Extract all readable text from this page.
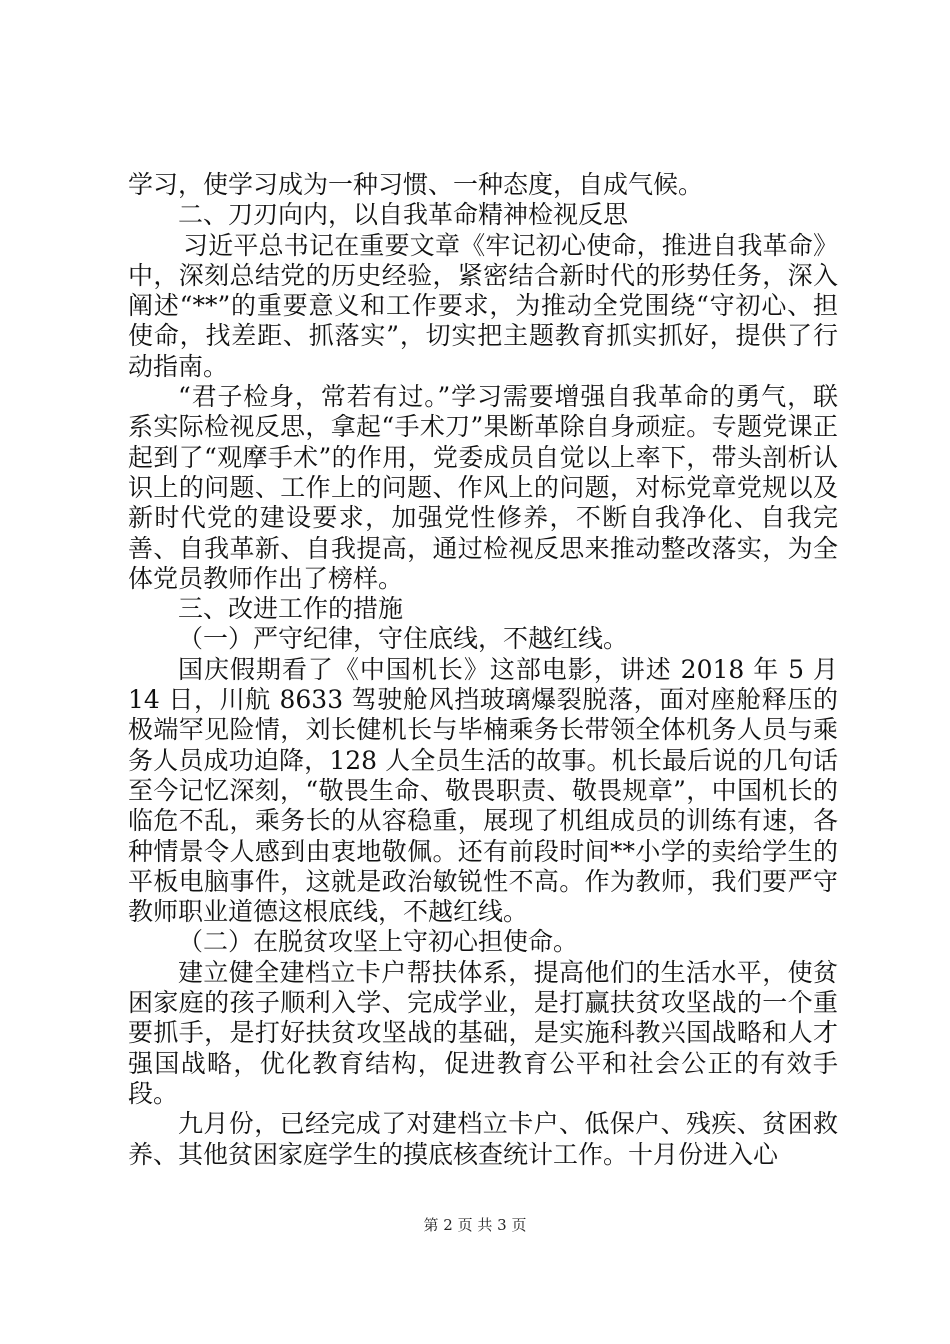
学习，使学习成为一种习惯、一种态度，自成气候。

二、刀刃向内，以自我革命精神检视反思

习近平总书记在重要文章《牢记初心使命，推进自我革命》中，深刻总结党的历史经验，紧密结合新时代的形势任务，深入阐述“**”的重要意义和工作要求，为推动全党围绕“守初心、担使命，找差距、抓落实”，切实把主题教育抓实抓好，提供了行动指南。

“君子检身，常若有过。”学习需要增强自我革命的勇气，联系实际检视反思，拿起“手术刀”果断革除自身顽症。专题党课正起到了“观摩手术”的作用，党委成员自觉以上率下，带头剖析认识上的问题、工作上的问题、作风上的问题，对标党章党规以及新时代党的建设要求，加强党性修养，不断自我净化、自我完善、自我革新、自我提高，通过检视反思来推动整改落实，为全体党员教师作出了榜样。

三、改进工作的措施

（一）严守纪律，守住底线，不越红线。

国庆假期看了《中国机长》这部电影，讲述 2018 年 5 月 14 日，川航 8633 驾驶舱风挡玻璃爆裂脱落，面对座舱释压的极端罕见险情，刘长健机长与毕楠乘务长带领全体机务人员与乘务人员成功迫降，128 人全员生活的故事。机长最后说的几句话至今记忆深刻，“敬畏生命、敬畏职责、敬畏规章”，中国机长的临危不乱，乘务长的从容稳重，展现了机组成员的训练有速，各种情景令人感到由衷地敬佩。还有前段时间**小学的卖给学生的平板电脑事件，这就是政治敏锐性不高。作为教师，我们要严守教师职业道德这根底线，不越红线。

（二）在脱贫攻坚上守初心担使命。

建立健全建档立卡户帮扶体系，提高他们的生活水平，使贫困家庭的孩子顺利入学、完成学业，是打赢扶贫攻坚战的一个重要抓手，是打好扶贫攻坚战的基础，是实施科教兴国战略和人才强国战略，优化教育结构，促进教育公平和社会公正的有效手段。

九月份，已经完成了对建档立卡户、低保户、残疾、贫困救养、其他贫困家庭学生的摸底核查统计工作。十月份进入心

第 2 页 共 3 页
